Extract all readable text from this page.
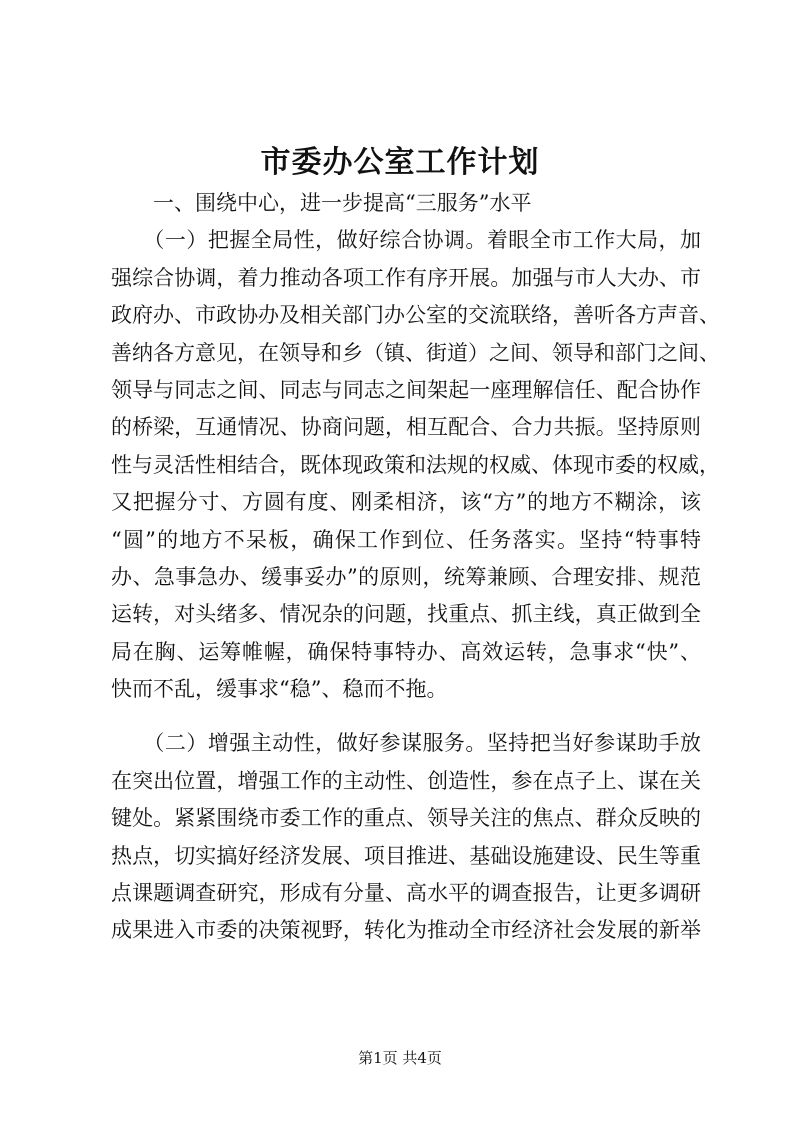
市委办公室工作计划
　　一、围绕中心，进一步提高“三服务”水平
　　（一）把握全局性，做好综合协调。着眼全市工作大局，加
强综合协调，着力推动各项工作有序开展。加强与市人大办、市
政府办、市政协办及相关部门办公室的交流联络，善听各方声音、
善纳各方意见，在领导和乡（镇、街道）之间、领导和部门之间、
领导与同志之间、同志与同志之间架起一座理解信任、配合协作
的桥梁，互通情况、协商问题，相互配合、合力共振。坚持原则
性与灵活性相结合，既体现政策和法规的权威、体现市委的权威，
又把握分寸、方圆有度、刚柔相济，该“方”的地方不糊涂，该
“圆”的地方不呆板，确保工作到位、任务落实。坚持“特事特
办、急事急办、缓事妥办”的原则，统筹兼顾、合理安排、规范
运转，对头绪多、情况杂的问题，找重点、抓主线，真正做到全
局在胸、运筹帷幄，确保特事特办、高效运转，急事求“快”、
快而不乱，缓事求“稳”、稳而不拖。
　　（二）增强主动性，做好参谋服务。坚持把当好参谋助手放
在突出位置，增强工作的主动性、创造性，参在点子上、谋在关
键处。紧紧围绕市委工作的重点、领导关注的焦点、群众反映的
热点，切实搞好经济发展、项目推进、基础设施建设、民生等重
点课题调查研究，形成有分量、高水平的调查报告，让更多调研
成果进入市委的决策视野，转化为推动全市经济社会发展的新举
第1页 共4页
